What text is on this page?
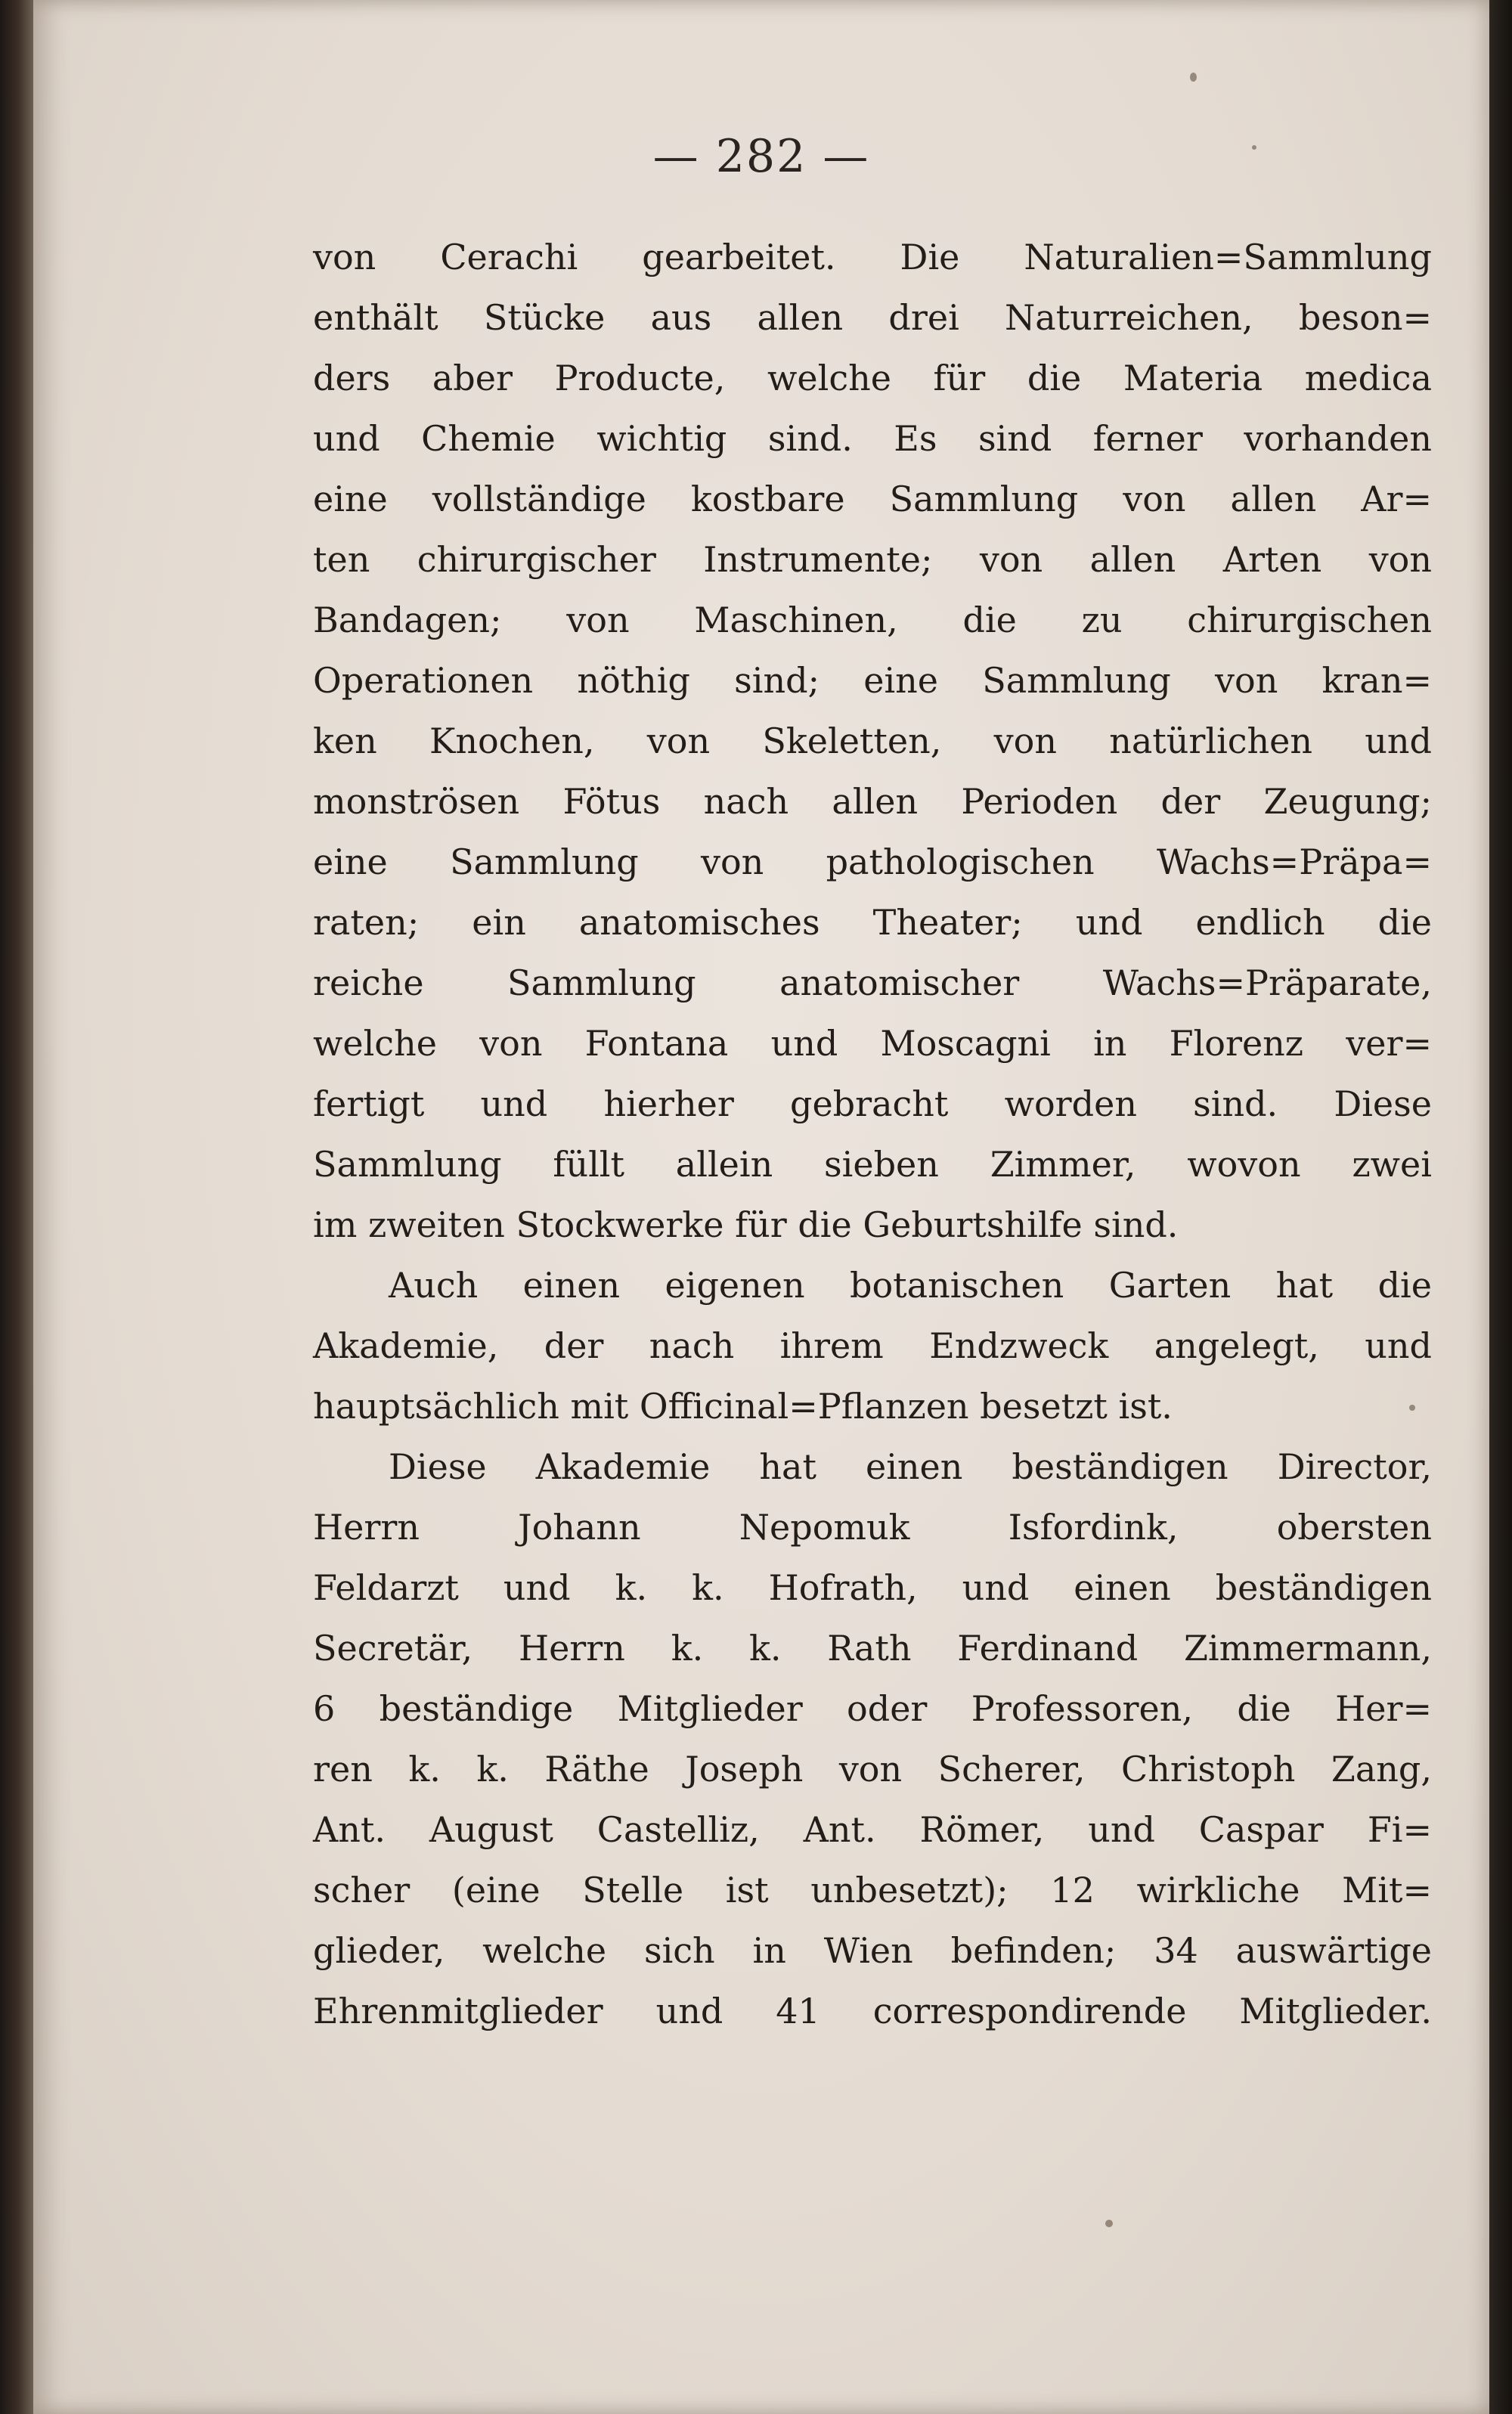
— 282 —
von Cerachi gearbeitet. Die Naturalien=Sammlung
enthält Stücke aus allen drei Naturreichen, beson=
ders aber Producte, welche für die Materia medica
und Chemie wichtig sind. Es sind ferner vorhanden
eine vollständige kostbare Sammlung von allen Ar=
ten chirurgischer Instrumente; von allen Arten von
Bandagen; von Maschinen, die zu chirurgischen
Operationen nöthig sind; eine Sammlung von kran=
ken Knochen, von Skeletten, von natürlichen und
monströsen Fötus nach allen Perioden der Zeugung;
eine Sammlung von pathologischen Wachs=Präpa=
raten; ein anatomisches Theater; und endlich die
reiche Sammlung anatomischer Wachs=Präparate,
welche von Fontana und Moscagni in Florenz ver=
fertigt und hierher gebracht worden sind. Diese
Sammlung füllt allein sieben Zimmer, wovon zwei
im zweiten Stockwerke für die Geburtshilfe sind.
Auch einen eigenen botanischen Garten hat die
Akademie, der nach ihrem Endzweck angelegt, und
hauptsächlich mit Officinal=Pflanzen besetzt ist.
Diese Akademie hat einen beständigen Director,
Herrn Johann Nepomuk Isfordink, obersten
Feldarzt und k. k. Hofrath, und einen beständigen
Secretär, Herrn k. k. Rath Ferdinand Zimmermann,
6 beständige Mitglieder oder Professoren, die Her=
ren k. k. Räthe Joseph von Scherer, Christoph Zang,
Ant. August Castelliz, Ant. Römer, und Caspar Fi=
scher (eine Stelle ist unbesetzt); 12 wirkliche Mit=
glieder, welche sich in Wien befinden; 34 auswärtige
Ehrenmitglieder und 41 correspondirende Mitglieder.
